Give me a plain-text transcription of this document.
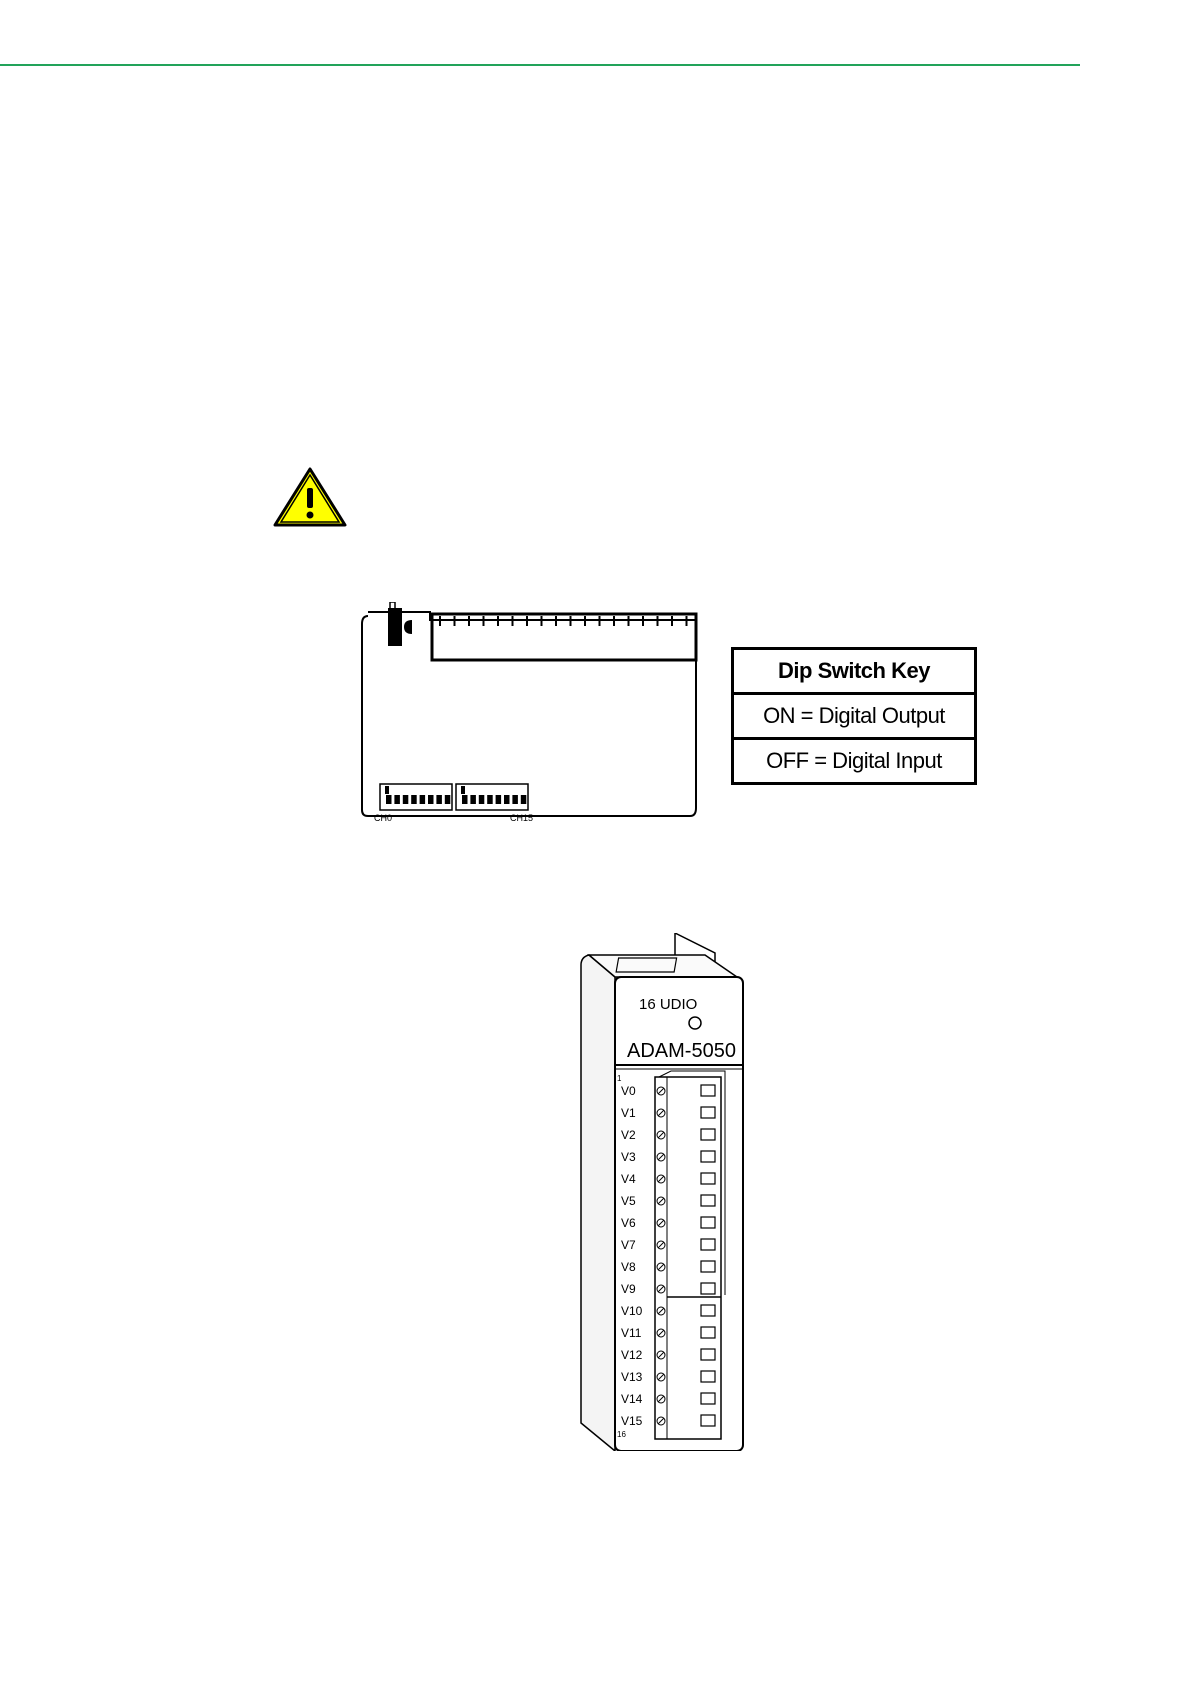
CH0	CH15
Dip Switch Key
ON = Digital Output
OFF = Digital Input
16 UDIO
ADAM-5050
1
16
V0
V1
V2
V3
V4
V5
V6
V7
V8
V9
V10
V11
V12
V13
V14
V15
